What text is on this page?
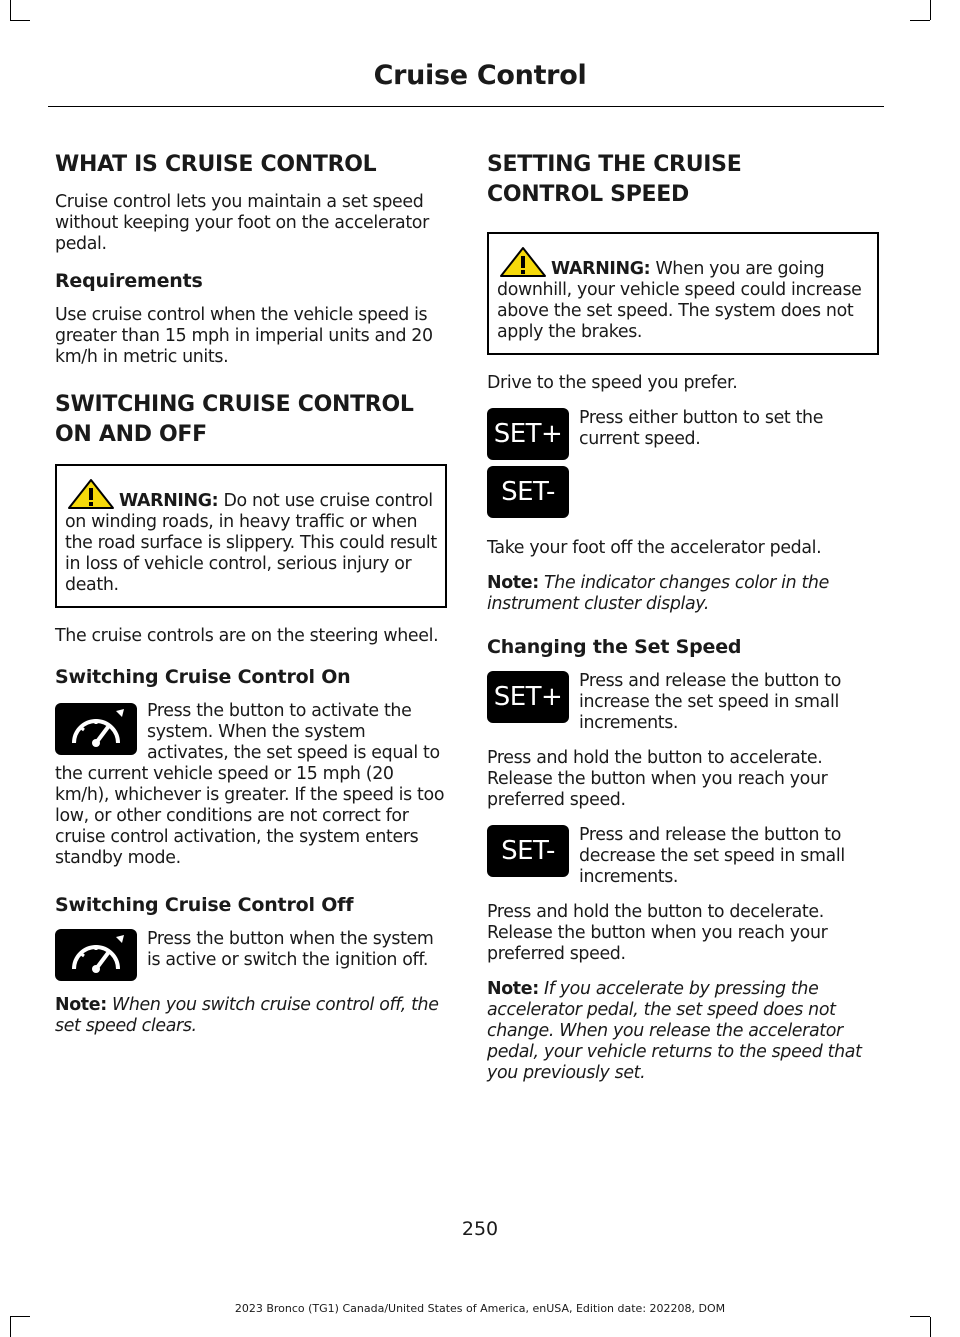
Cruise Control
WHAT IS CRUISE CONTROL

Cruise control lets you maintain a set speed without keeping your foot on the accelerator pedal.

Requirements

Use cruise control when the vehicle speed is greater than 15 mph in imperial units and 20 km/h in metric units.

SWITCHING CRUISE CONTROL ON AND OFF
WARNING: Do not use cruise control on winding roads, in heavy traffic or when the road surface is slippery. This could result in loss of vehicle control, serious injury or death.

The cruise controls are on the steering wheel.

Switching Cruise Control On

Press the button to activate the system. When the system activates, the set speed is equal to the current vehicle speed or 15 mph (20 km/h), whichever is greater. If the speed is too low, or other conditions are not correct for cruise control activation, the system enters standby mode.

Switching Cruise Control Off
Press the button when the system is active or switch the ignition off.

Note: When you switch cruise control off, the set speed clears.

SETTING THE CRUISE CONTROL SPEED
WARNING: When you are going downhill, your vehicle speed could increase above the set speed. The system does not apply the brakes.

Drive to the speed you prefer.

SET+
SET-
Press either button to set the current speed.

Take your foot off the accelerator pedal.

Note: The indicator changes color in the instrument cluster display.

Changing the Set Speed
SET+
Press and release the button to increase the set speed in small increments.

Press and hold the button to accelerate. Release the button when you reach your preferred speed.

SET-
Press and release the button to decrease the set speed in small increments.

Press and hold the button to decelerate. Release the button when you reach your preferred speed.

Note: If you accelerate by pressing the accelerator pedal, the set speed does not change. When you release the accelerator pedal, your vehicle returns to the speed that you previously set.

250
2023 Bronco (TG1) Canada/United States of America, enUSA, Edition date: 202208, DOM
